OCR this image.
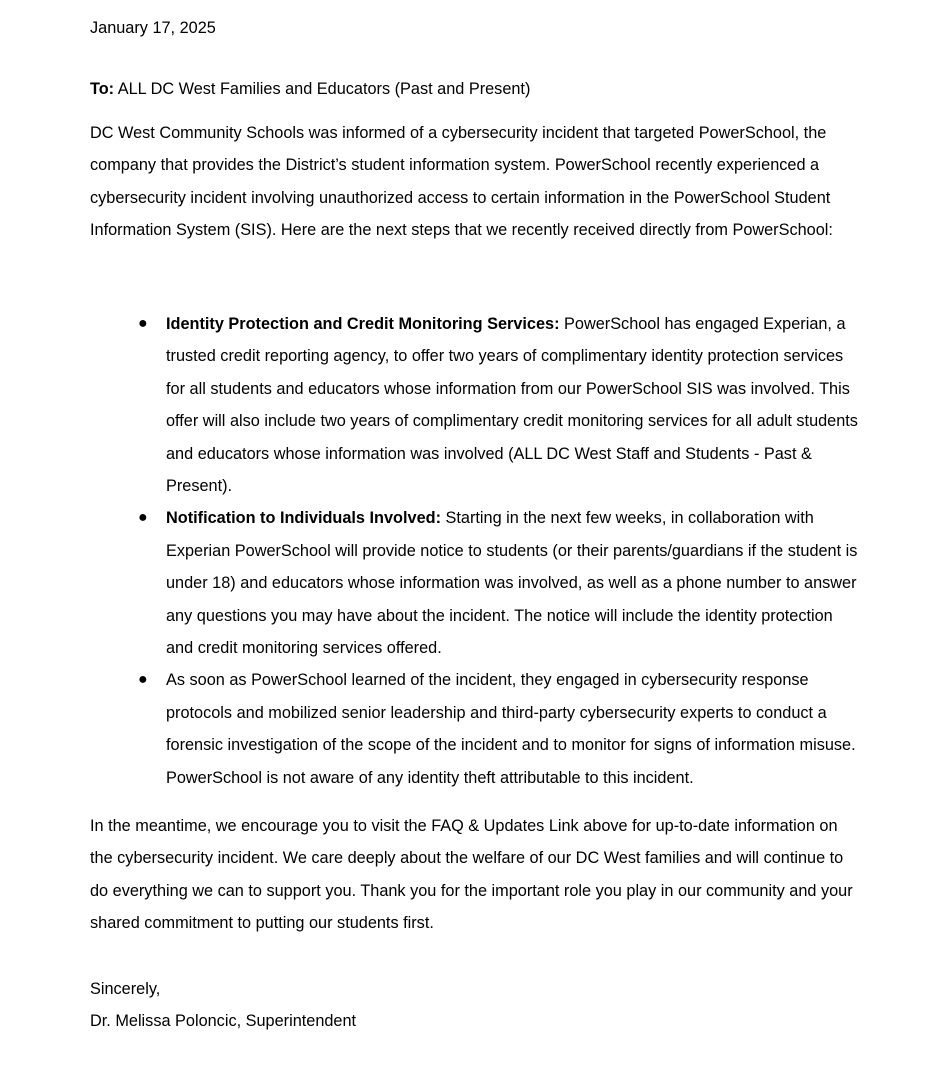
January 17, 2025
To: ALL DC West Families and Educators (Past and Present)
DC West Community Schools was informed of a cybersecurity incident that targeted PowerSchool, the company that provides the District’s student information system. PowerSchool recently experienced a cybersecurity incident involving unauthorized access to certain information in the PowerSchool Student Information System (SIS). Here are the next steps that we recently received directly from PowerSchool:
● Identity Protection and Credit Monitoring Services: PowerSchool has engaged Experian, a trusted credit reporting agency, to offer two years of complimentary identity protection services for all students and educators whose information from our PowerSchool SIS was involved. This offer will also include two years of complimentary credit monitoring services for all adult students and educators whose information was involved (ALL DC West Staff and Students - Past & Present).
● Notification to Individuals Involved: Starting in the next few weeks, in collaboration with Experian PowerSchool will provide notice to students (or their parents/guardians if the student is under 18) and educators whose information was involved, as well as a phone number to answer any questions you may have about the incident. The notice will include the identity protection and credit monitoring services offered.
● As soon as PowerSchool learned of the incident, they engaged in cybersecurity response protocols and mobilized senior leadership and third-party cybersecurity experts to conduct a forensic investigation of the scope of the incident and to monitor for signs of information misuse. PowerSchool is not aware of any identity theft attributable to this incident.
In the meantime, we encourage you to visit the FAQ & Updates Link above for up-to-date information on the cybersecurity incident. We care deeply about the welfare of our DC West families and will continue to do everything we can to support you. Thank you for the important role you play in our community and your shared commitment to putting our students first.
Sincerely,
Dr. Melissa Poloncic, Superintendent
